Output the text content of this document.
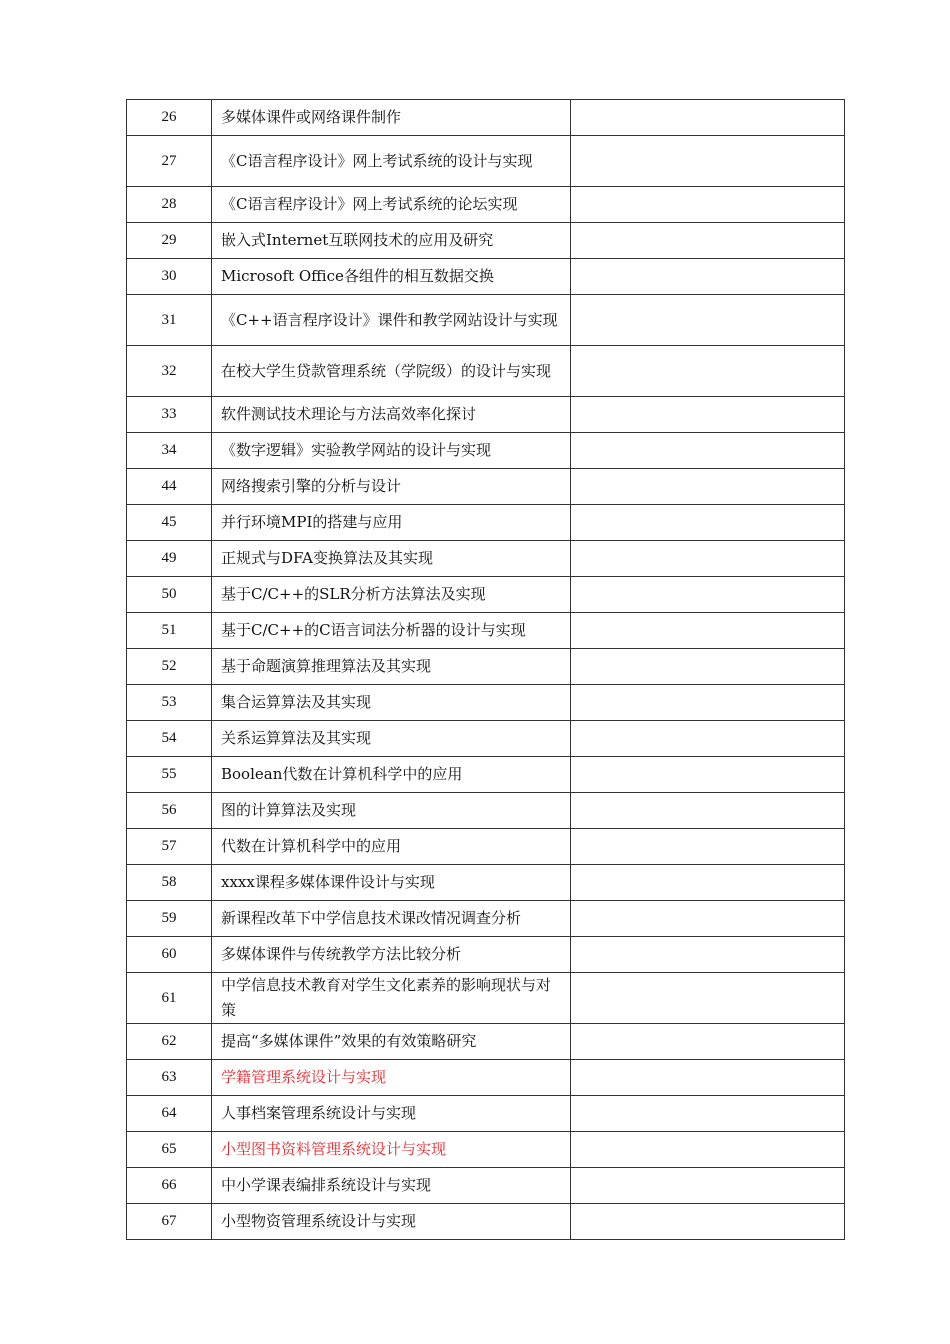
26	多媒体课件或网络课件制作	
27	《C语言程序设计》网上考试系统的设计与实现	
28	《C语言程序设计》网上考试系统的论坛实现	
29	嵌入式Internet互联网技术的应用及研究	
30	Microsoft Office各组件的相互数据交换	
31	《C++语言程序设计》课件和教学网站设计与实现	
32	在校大学生贷款管理系统（学院级）的设计与实现	
33	软件测试技术理论与方法高效率化探讨	
34	《数字逻辑》实验教学网站的设计与实现	
44	网络搜索引擎的分析与设计	
45	并行环境MPI的搭建与应用	
49	正规式与DFA变换算法及其实现	
50	基于C/C++的SLR分析方法算法及实现	
51	基于C/C++的C语言词法分析器的设计与实现	
52	基于命题演算推理算法及其实现	
53	集合运算算法及其实现	
54	关系运算算法及其实现	
55	Boolean代数在计算机科学中的应用	
56	图的计算算法及实现	
57	代数在计算机科学中的应用	
58	xxxx课程多媒体课件设计与实现	
59	新课程改革下中学信息技术课改情况调查分析	
60	多媒体课件与传统教学方法比较分析	
61	中学信息技术教育对学生文化素养的影响现状与对策	
62	提高“多媒体课件”效果的有效策略研究	
63	学籍管理系统设计与实现	
64	人事档案管理系统设计与实现	
65	小型图书资料管理系统设计与实现	
66	中小学课表编排系统设计与实现	
67	小型物资管理系统设计与实现	
